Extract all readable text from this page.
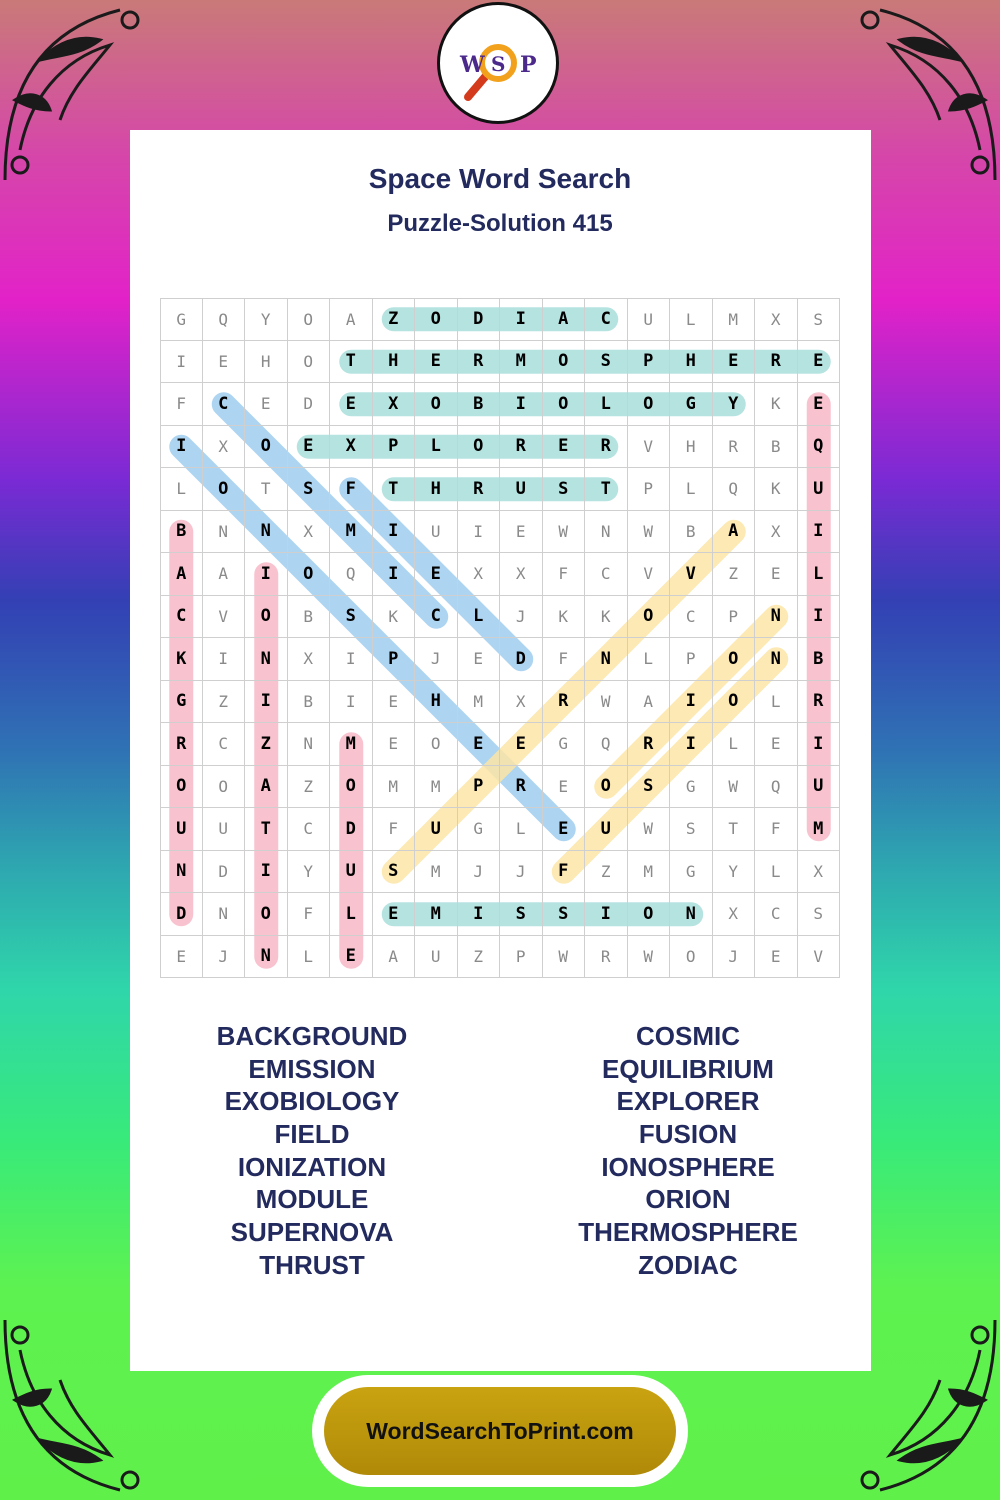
W S P
Space Word Search
Puzzle-Solution 415
G	Q	Y	O	A	Z	O	D	I	A	C	U	L	M	X	S
I	E	H	O	T	H	E	R	M	O	S	P	H	E	R	E
F	C	E	D	E	X	O	B	I	O	L	O	G	Y	K	E
I	X	O	E	X	P	L	O	R	E	R	V	H	R	B	Q
L	O	T	S	F	T	H	R	U	S	T	P	L	Q	K	U
B	N	N	X	M	I	U	I	E	W	N	W	B	A	X	I
A	A	I	O	Q	I	E	X	X	F	C	V	V	Z	E	L
C	V	O	B	S	K	C	L	J	K	K	O	C	P	N	I
K	I	N	X	I	P	J	E	D	F	N	L	P	O	N	B
G	Z	I	B	I	E	H	M	X	R	W	A	I	O	L	R
R	C	Z	N	M	E	O	E	E	G	Q	R	I	L	E	I
O	O	A	Z	O	M	M	P	R	E	O	S	G	W	Q	U
U	U	T	C	D	F	U	G	L	E	U	W	S	T	F	M
N	D	I	Y	U	S	M	J	J	F	Z	M	G	Y	L	X
D	N	O	F	L	E	M	I	S	S	I	O	N	X	C	S
E	J	N	L	E	A	U	Z	P	W	R	W	O	J	E	V
BACKGROUND
EMISSION
EXOBIOLOGY
FIELD
IONIZATION
MODULE
SUPERNOVA
THRUST
COSMIC
EQUILIBRIUM
EXPLORER
FUSION
IONOSPHERE
ORION
THERMOSPHERE
ZODIAC
WordSearchToPrint.com
